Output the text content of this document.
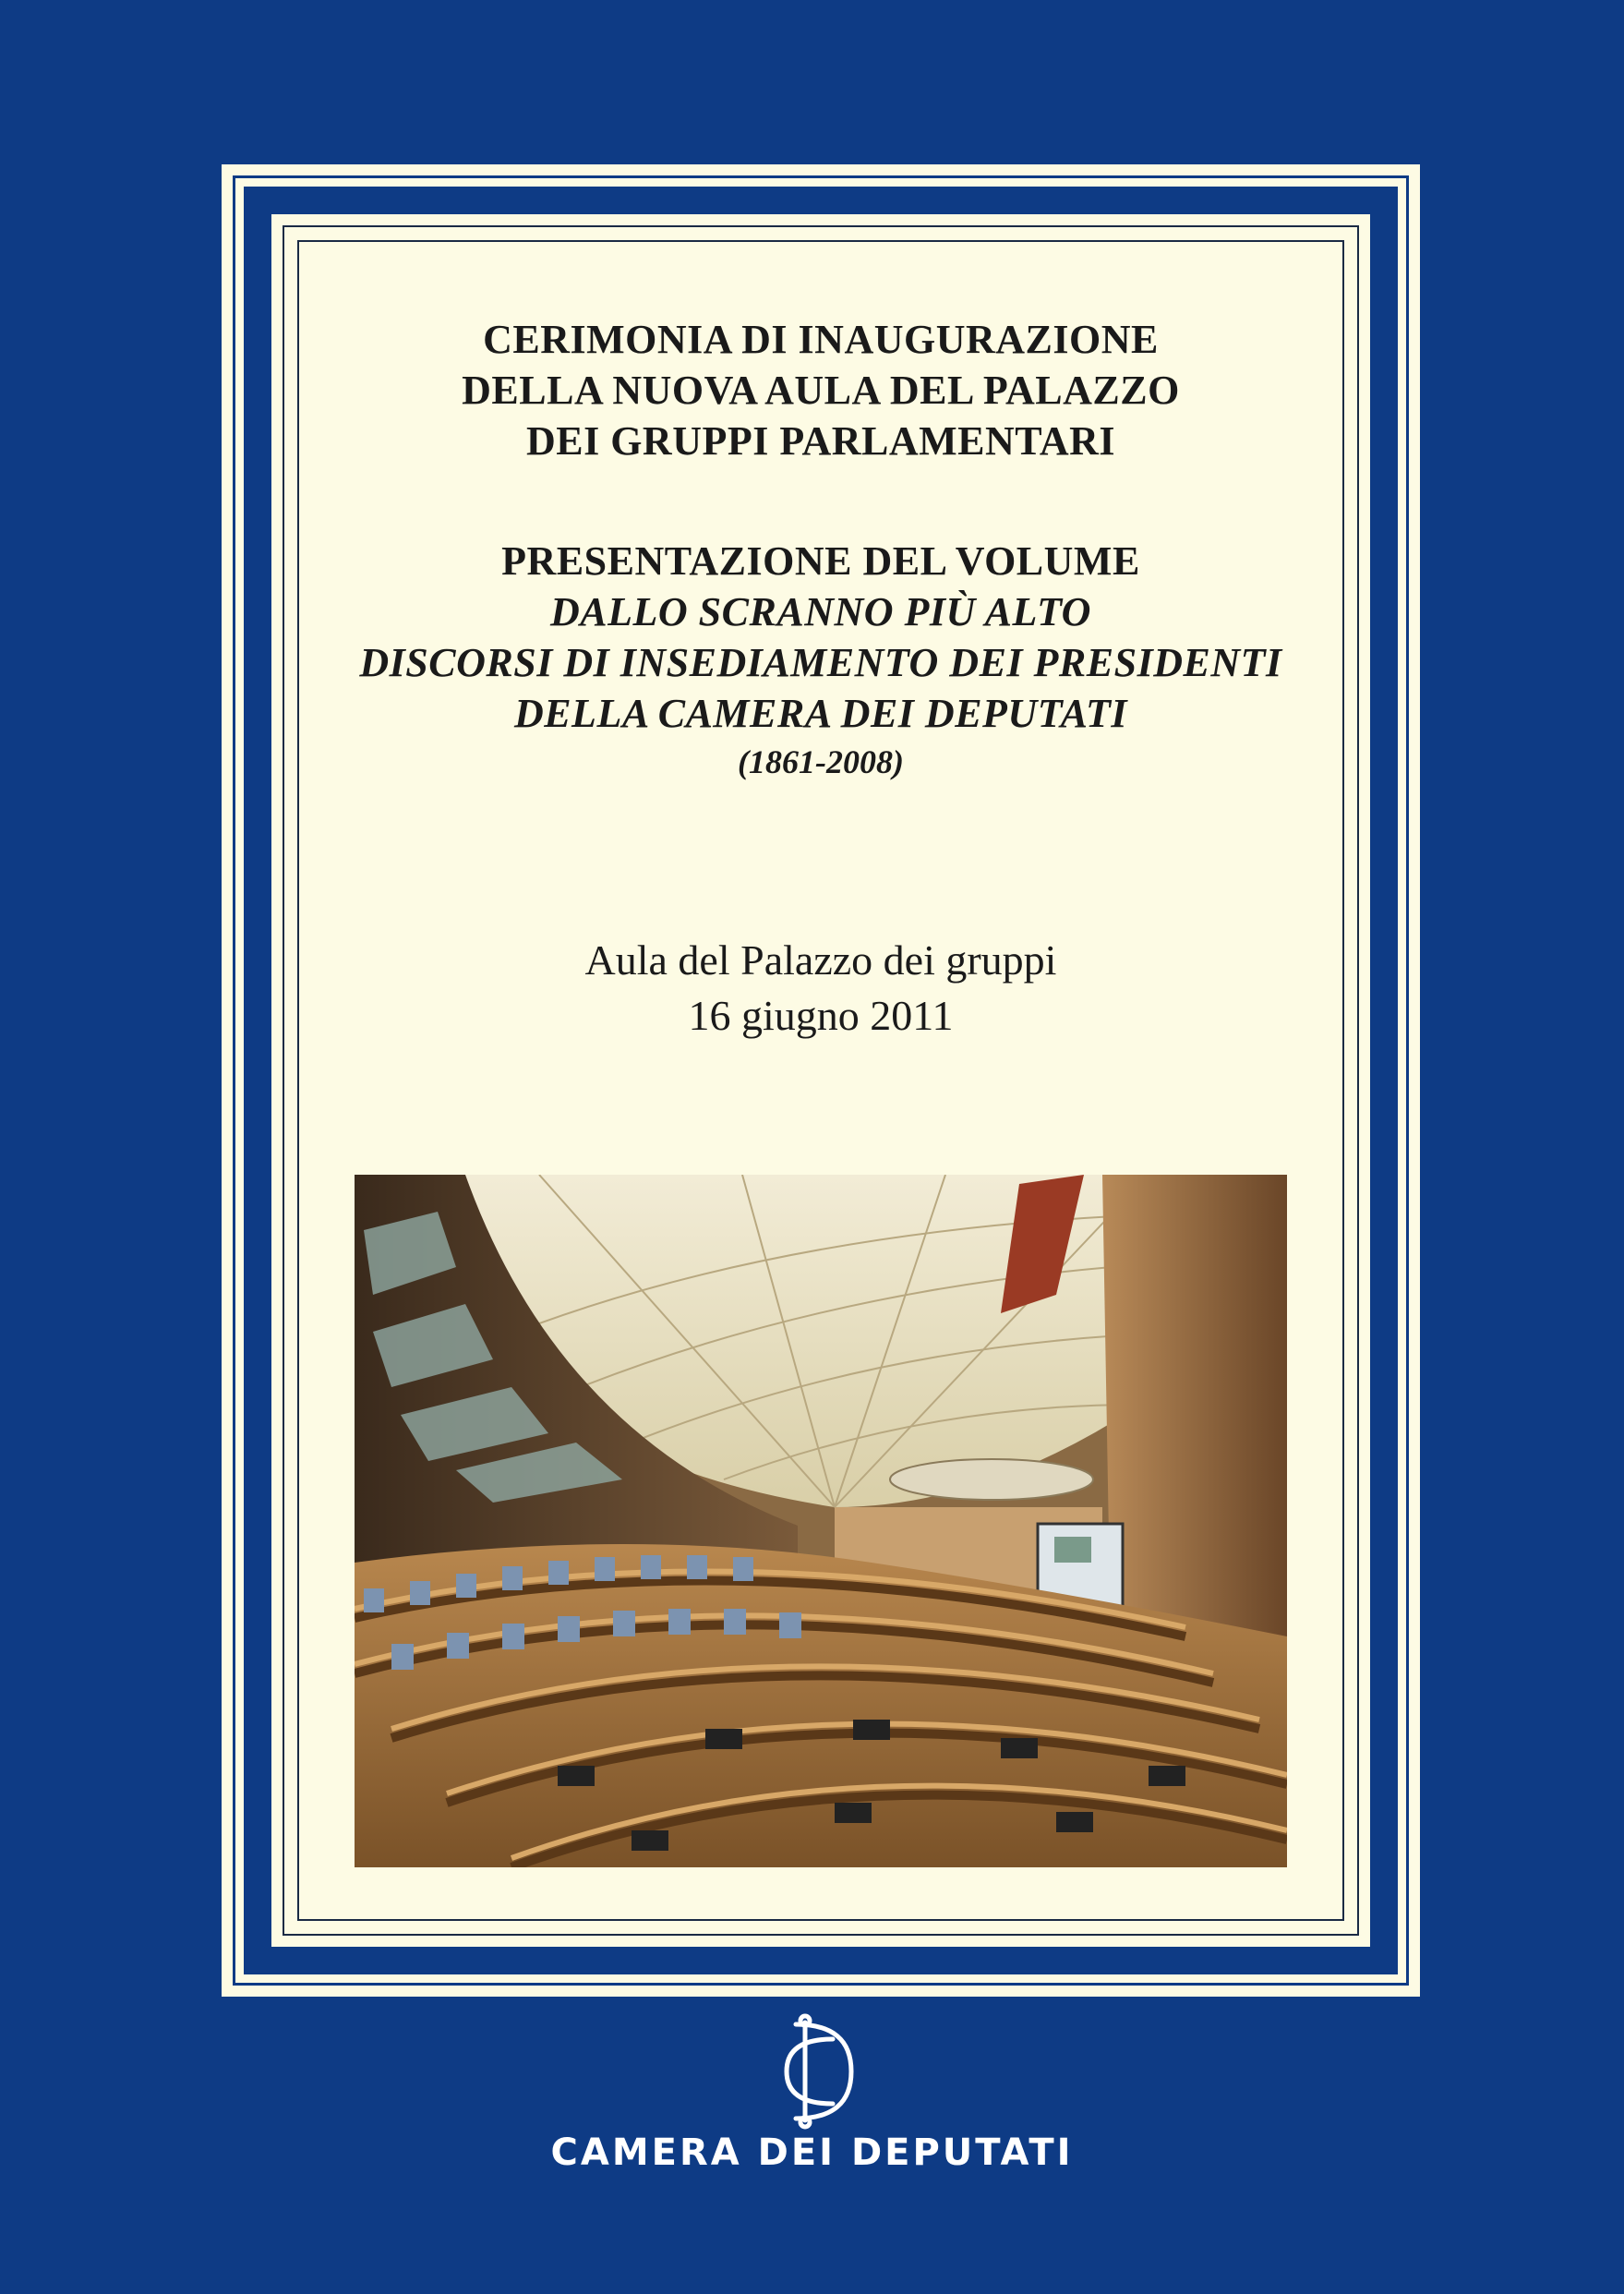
CERIMONIA DI INAUGURAZIONE
DELLA NUOVA AULA DEL PALAZZO
DEI GRUPPI PARLAMENTARI
PRESENTAZIONE DEL VOLUME
DALLO SCRANNO PIÙ ALTO
DISCORSI DI INSEDIAMENTO DEI PRESIDENTI
DELLA CAMERA DEI DEPUTATI
(1861-2008)
Aula del Palazzo dei gruppi
16 giugno 2011
CAMERA DEI DEPUTATI
